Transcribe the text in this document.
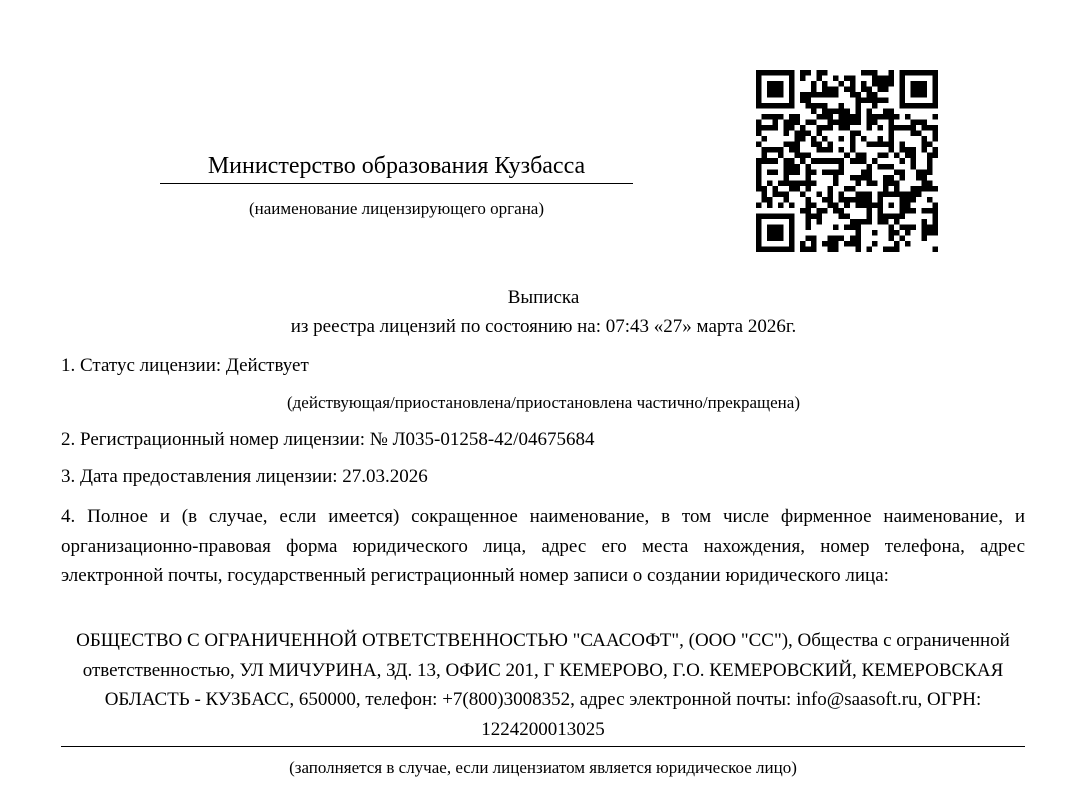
Министерство образования Кузбасса
(наименование лицензирующего органа)
Выписка
из реестра лицензий по состоянию на: 07:43 «27» марта 2026г.
1. Статус лицензии: Действует
(действующая/приостановлена/приостановлена частично/прекращена)
2. Регистрационный номер лицензии: № Л035-01258-42/04675684
3. Дата предоставления лицензии: 27.03.2026
4. Полное и (в случае, если имеется) сокращенное наименование, в том числе фирменное наименование, и организационно-правовая форма юридического лица, адрес его места нахождения, номер телефона, адрес электронной почты, государственный регистрационный номер записи о создании юридического лица:
ОБЩЕСТВО С ОГРАНИЧЕННОЙ ОТВЕТСТВЕННОСТЬЮ "СААСОФТ", (ООО "СС"), Общества с ограниченной ответственностью, УЛ МИЧУРИНА, ЗД. 13, ОФИС 201, Г КЕМЕРОВО, Г.О. КЕМЕРОВСКИЙ, КЕМЕРОВСКАЯ ОБЛАСТЬ - КУЗБАСС, 650000, телефон: +7(800)3008352, адрес электронной почты: info@saasoft.ru, ОГРН: 1224200013025
(заполняется в случае, если лицензиатом является юридическое лицо)
